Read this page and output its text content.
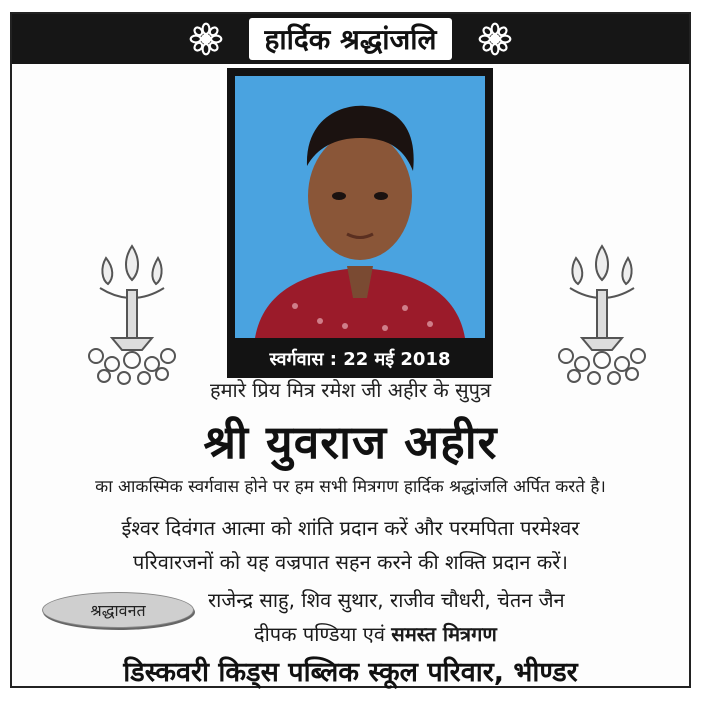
हार्दिक श्रद्धांजलि
स्वर्गवास : 22 मई 2018
हमारे प्रिय मित्र रमेश जी अहीर के सुपुत्र
श्री युवराज अहीर
का आकस्मिक स्वर्गवास होने पर हम सभी मित्रगण हार्दिक श्रद्धांजलि अर्पित करते है।
ईश्वर दिवंगत आत्मा को शांति प्रदान करें और परमपिता परमेश्वर
परिवारजनों को यह वज्रपात सहन करने की शक्ति प्रदान करें।
श्रद्धावनत	राजेन्द्र साहु, शिव सुथार, राजीव चौधरी, चेतन जैन
दीपक पण्डिया एवं समस्त मित्रगण
डिस्कवरी किड्स पब्लिक स्कूल परिवार, भीण्डर
